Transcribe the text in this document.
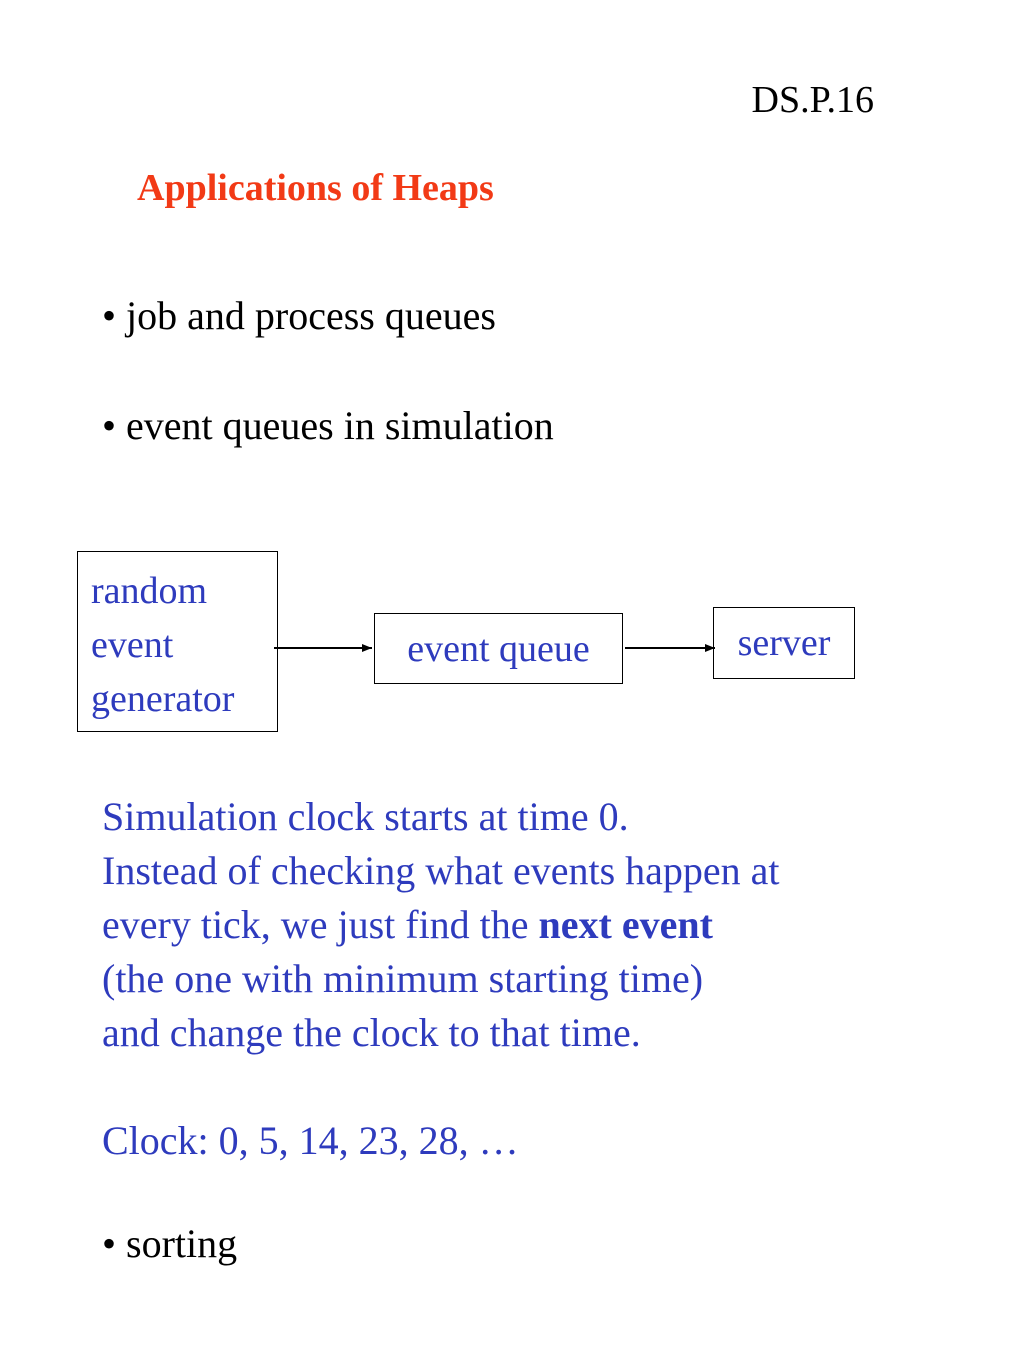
DS.P.16
Applications of Heaps
• job and process queues
• event queues in simulation
random
event
generator
event queue	server
Simulation clock starts at time 0.
Instead of checking what events happen at
every tick, we just find the next event
(the one with minimum starting time)
and change the clock to that time.
Clock: 0, 5, 14, 23, 28, …
• sorting
